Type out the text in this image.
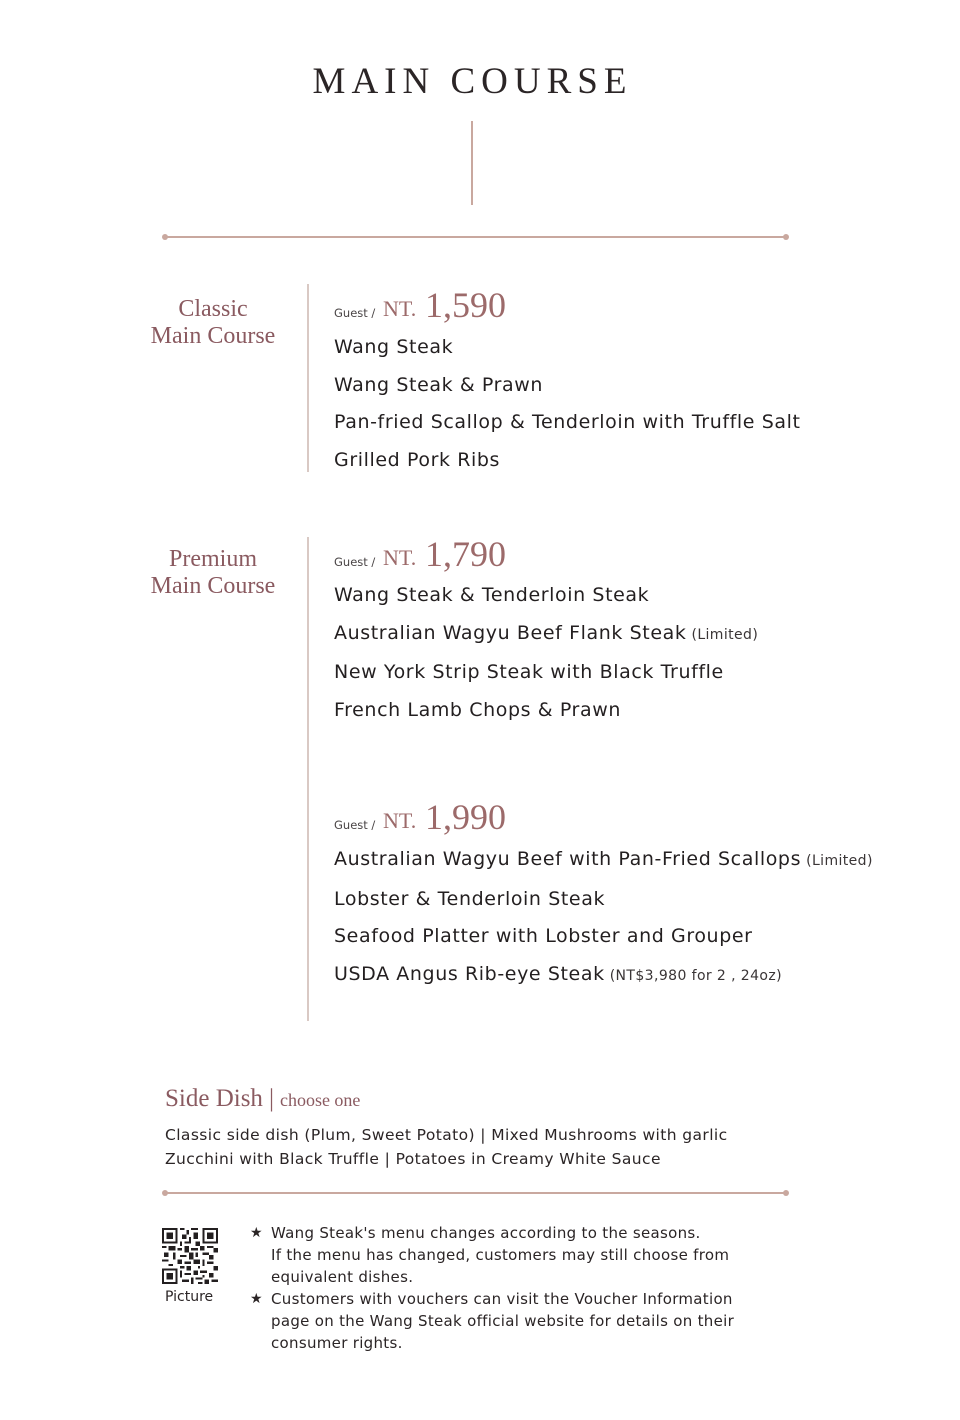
MAIN COURSE
Classic
Main Course
Guest / NT. 1,590
Wang Steak
Wang Steak & Prawn
Pan-fried Scallop & Tenderloin with Truffle Salt
Grilled Pork Ribs
Premium
Main Course
Guest / NT. 1,790
Wang Steak & Tenderloin Steak
Australian Wagyu Beef Flank Steak (Limited)
New York Strip Steak with Black Truffle
French Lamb Chops & Prawn
Guest / NT. 1,990
Australian Wagyu Beef with Pan-Fried Scallops (Limited)
Lobster & Tenderloin Steak
Seafood Platter with Lobster and Grouper
USDA Angus Rib-eye Steak (NT$3,980 for 2 , 24oz)
Side Dish | choose one
Classic side dish (Plum, Sweet Potato) | Mixed Mushrooms with garlic
Zucchini with Black Truffle | Potatoes in Creamy White Sauce
Picture
★ Wang Steak's menu changes according to the seasons.
If the menu has changed, customers may still choose from
equivalent dishes.
★ Customers with vouchers can visit the Voucher Information
page on the Wang Steak official website for details on their
consumer rights.
